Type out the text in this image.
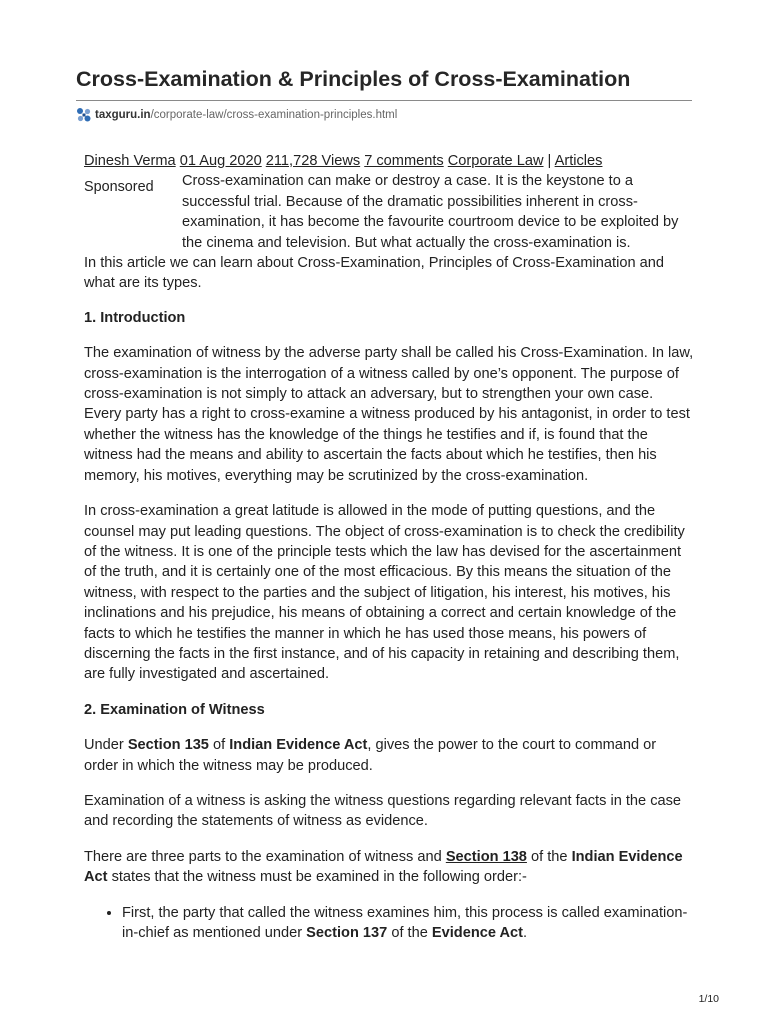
Cross-Examination & Principles of Cross-Examination
taxguru.in /corporate-law/cross-examination-principles.html
Dinesh Verma 01 Aug 2020 211,728 Views 7 comments Corporate Law | Articles
Sponsored Cross-examination can make or destroy a case. It is the keystone to a successful trial. Because of the dramatic possibilities inherent in cross-examination, it has become the favourite courtroom device to be exploited by the cinema and television. But what actually the cross-examination is.

In this article we can learn about Cross-Examination, Principles of Cross-Examination and what are its types.

1. Introduction

The examination of witness by the adverse party shall be called his Cross-Examination. In law, cross-examination is the interrogation of a witness called by one’s opponent. The purpose of cross-examination is not simply to attack an adversary, but to strengthen your own case. Every party has a right to cross-examine a witness produced by his antagonist, in order to test whether the witness has the knowledge of the things he testifies and if, is found that the witness had the means and ability to ascertain the facts about which he testifies, then his memory, his motives, everything may be scrutinized by the cross-examination.

In cross-examination a great latitude is allowed in the mode of putting questions, and the counsel may put leading questions. The object of cross-examination is to check the credibility of the witness. It is one of the principle tests which the law has devised for the ascertainment of the truth, and it is certainly one of the most efficacious. By this means the situation of the witness, with respect to the parties and the subject of litigation, his interest, his motives, his inclinations and his prejudice, his means of obtaining a correct and certain knowledge of the facts to which he testifies the manner in which he has used those means, his powers of discerning the facts in the first instance, and of his capacity in retaining and describing them, are fully investigated and ascertained.

2. Examination of Witness

Under Section 135 of Indian Evidence Act, gives the power to the court to command or order in which the witness may be produced.

Examination of a witness is asking the witness questions regarding relevant facts in the case and recording the statements of witness as evidence.

There are three parts to the examination of witness and Section 138 of the Indian Evidence Act states that the witness must be examined in the following order:-

• First, the party that called the witness examines him, this process is called examination-in-chief as mentioned under Section 137 of the Evidence Act.
1/10
